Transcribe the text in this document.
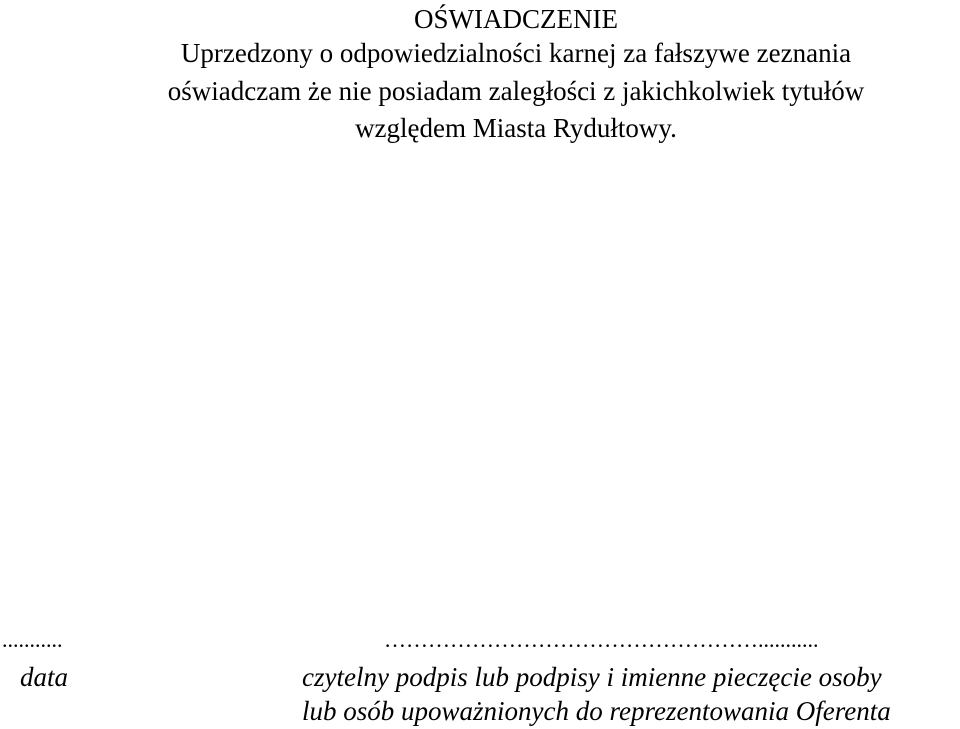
OŚWIADCZENIE
Uprzedzony o odpowiedzialności karnej za fałszywe zeznania
oświadczam że nie posiadam zaległości z jakichkolwiek tytułów
względem Miasta Rydułtowy.
...........	……………………………………………...........
data	czytelny podpis lub podpisy i imienne pieczęcie osoby
lub osób upoważnionych do reprezentowania Oferenta
